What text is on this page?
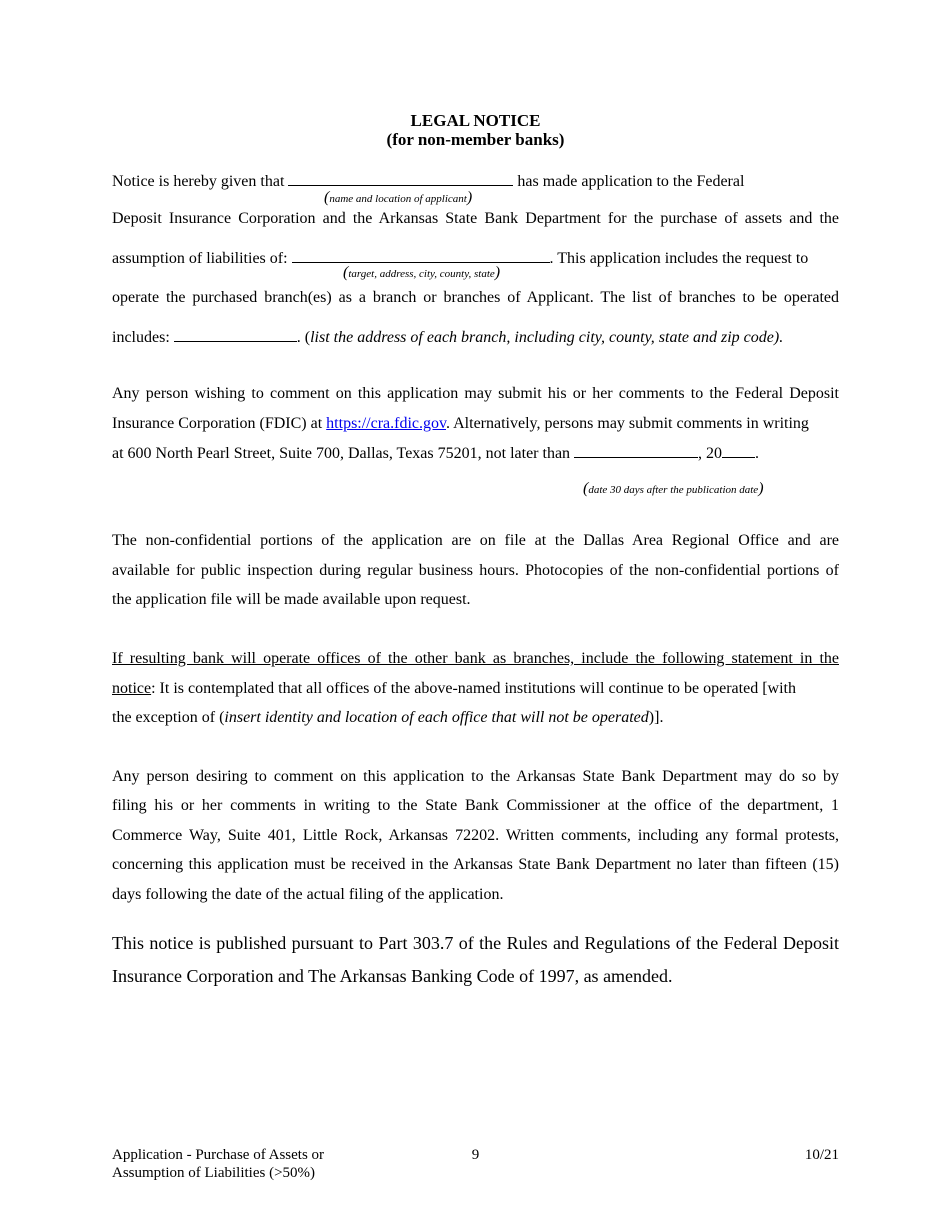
LEGAL NOTICE
(for non-member banks)
Notice is hereby given that	has made application to the Federal
(name and location of applicant)
Deposit Insurance Corporation and the Arkansas State Bank Department for the purchase of assets and the
assumption of liabilities of:	. This application includes the request to
(target, address, city, county, state)
operate the purchased branch(es) as a branch or branches of Applicant. The list of branches to be operated
includes:	. (list the address of each branch, including city, county, state and zip code).
Any person wishing to comment on this application may submit his or her comments to the Federal Deposit
Insurance Corporation (FDIC) at https://cra.fdic.gov. Alternatively, persons may submit comments in writing
at 600 North Pearl Street, Suite 700, Dallas, Texas 75201, not later than	, 20 .
(date 30 days after the publication date)
The non-confidential portions of the application are on file at the Dallas Area Regional Office and are
available for public inspection during regular business hours. Photocopies of the non-confidential portions of
the application file will be made available upon request.
If resulting bank will operate offices of the other bank as branches, include the following statement in the
notice: It is contemplated that all offices of the above-named institutions will continue to be operated [with
the exception of (insert identity and location of each office that will not be operated)].
Any person desiring to comment on this application to the Arkansas State Bank Department may do so by
filing his or her comments in writing to the State Bank Commissioner at the office of the department, 1
Commerce Way, Suite 401, Little Rock, Arkansas 72202. Written comments, including any formal protests,
concerning this application must be received in the Arkansas State Bank Department no later than fifteen (15)
days following the date of the actual filing of the application.
This notice is published pursuant to Part 303.7 of the Rules and Regulations of the Federal Deposit
Insurance Corporation and The Arkansas Banking Code of 1997, as amended.
Application - Purchase of Assets or
Assumption of Liabilities (>50%)
9	10/21
